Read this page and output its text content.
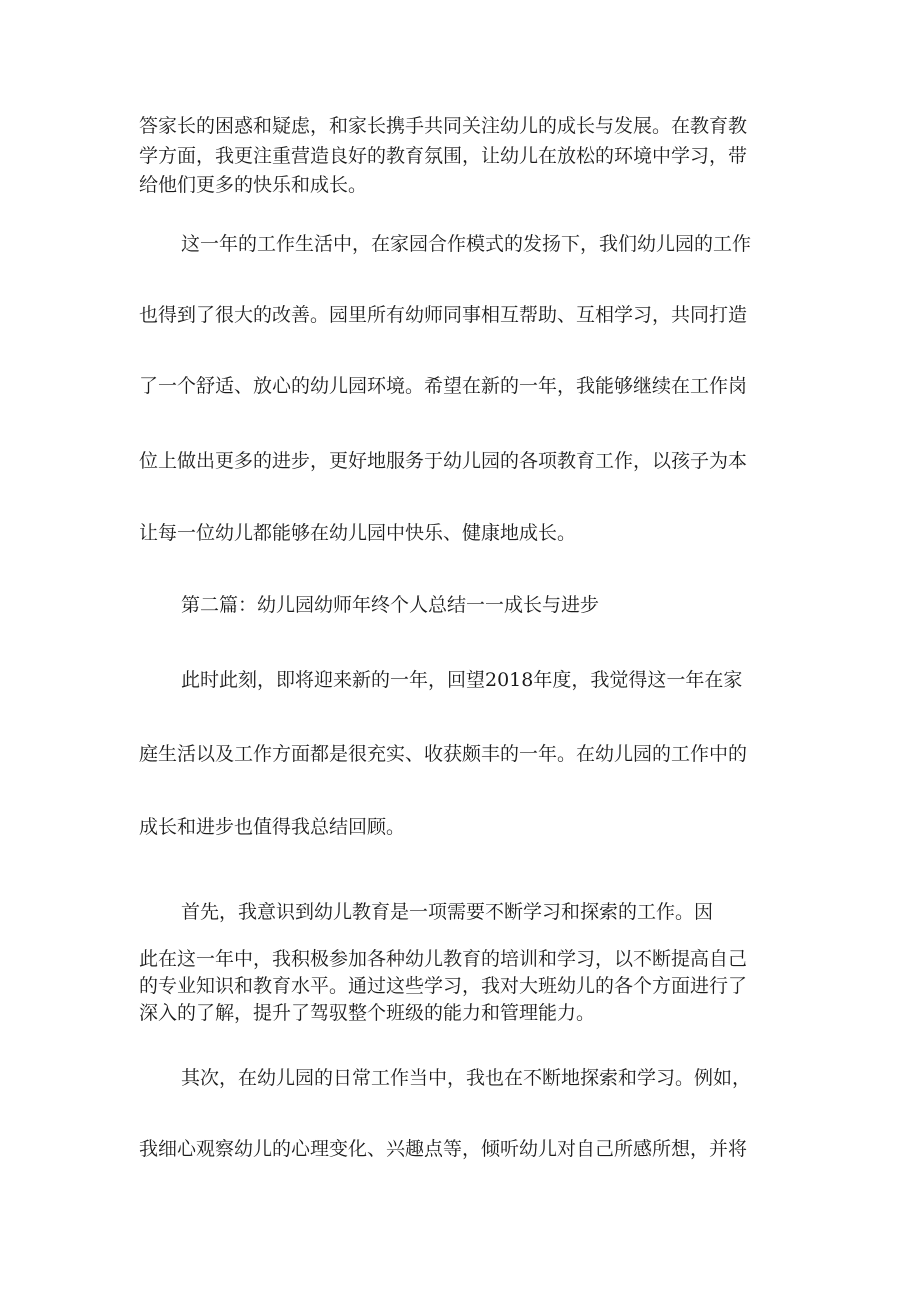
答家长的困惑和疑虑，和家长携手共同关注幼儿的成长与发展。在教育教

学方面，我更注重营造良好的教育氛围，让幼儿在放松的环境中学习，带

给他们更多的快乐和成长。

这一年的工作生活中，在家园合作模式的发扬下，我们幼儿园的工作

也得到了很大的改善。园里所有幼师同事相互帮助、互相学习，共同打造

了一个舒适、放心的幼儿园环境。希望在新的一年，我能够继续在工作岗

位上做出更多的进步，更好地服务于幼儿园的各项教育工作，以孩子为本

让每一位幼儿都能够在幼儿园中快乐、健康地成长。

第二篇：幼儿园幼师年终个人总结一一成长与进步

此时此刻，即将迎来新的一年，回望2018年度，我觉得这一年在家

庭生活以及工作方面都是很充实、收获颇丰的一年。在幼儿园的工作中的

成长和进步也值得我总结回顾。

首先，我意识到幼儿教育是一项需要不断学习和探索的工作。因

此在这一年中，我积极参加各种幼儿教育的培训和学习，以不断提高自己

的专业知识和教育水平。通过这些学习，我对大班幼儿的各个方面进行了

深入的了解，提升了驾驭整个班级的能力和管理能力。

其次，在幼儿园的日常工作当中，我也在不断地探索和学习。例如，

我细心观察幼儿的心理变化、兴趣点等，倾听幼儿对自己所感所想，并将
